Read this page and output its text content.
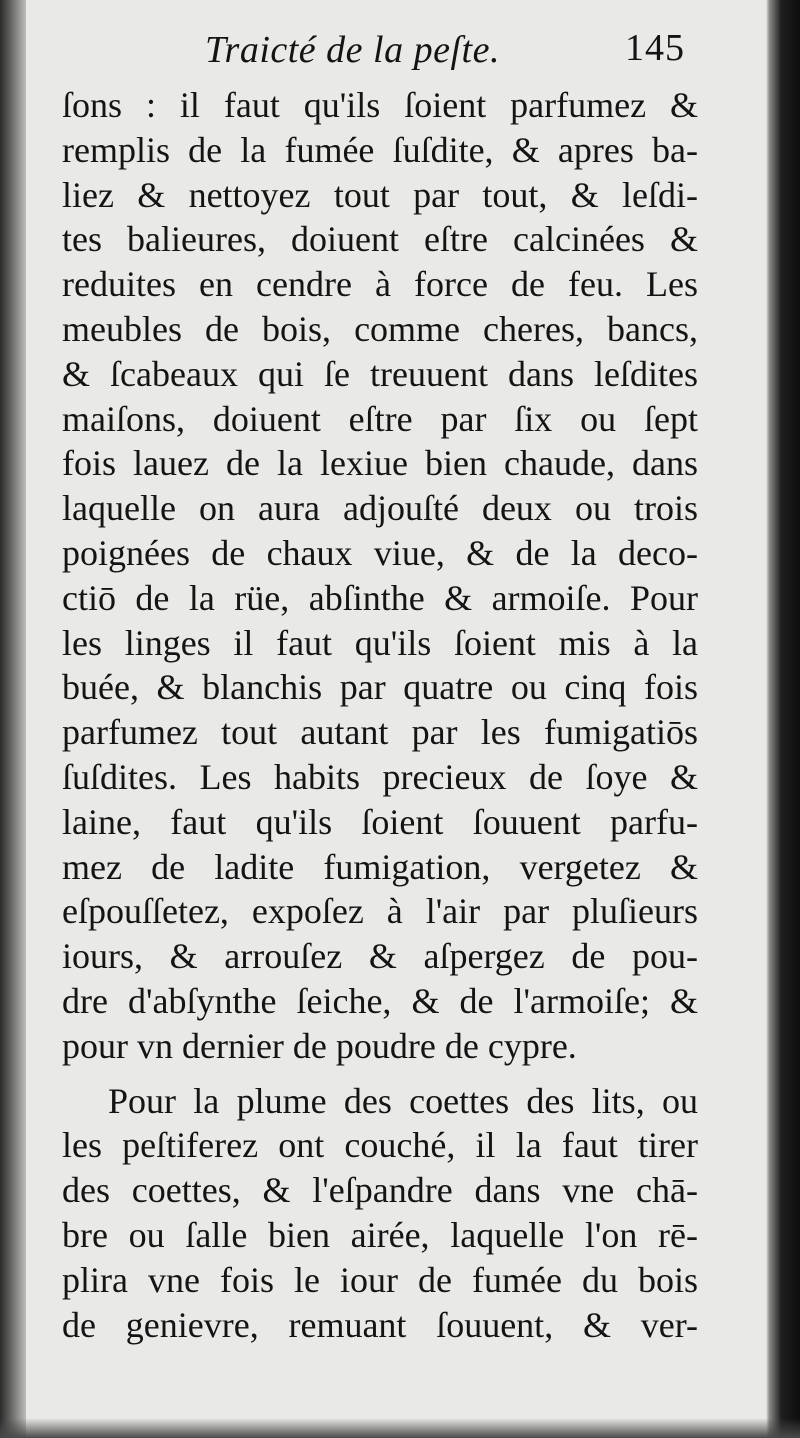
Traicté de la peſte.	145
ſons : il faut qu'ils ſoient parfumez &
remplis de la fumée ſuſdite, & apres ba-
liez & nettoyez tout par tout, & leſdi-
tes balieures, doiuent eſtre calcinées &
reduites en cendre à force de feu. Les
meubles de bois, comme cheres, bancs,
& ſcabeaux qui ſe treuuent dans leſdites
maiſons, doiuent eſtre par ſix ou ſept
fois lauez de la lexiue bien chaude, dans
laquelle on aura adjouſté deux ou trois
poignées de chaux viue, & de la deco-
ctiō de la rüe, abſinthe & armoiſe. Pour
les linges il faut qu'ils ſoient mis à la
buée, & blanchis par quatre ou cinq fois
parfumez tout autant par les fumigatiōs
ſuſdites. Les habits precieux de ſoye &
laine, faut qu'ils ſoient ſouuent parfu-
mez de ladite fumigation, vergetez &
eſpouſſetez, expoſez à l'air par pluſieurs
iours, & arrouſez & aſpergez de pou-
dre d'abſynthe ſeiche, & de l'armoiſe; &
pour vn dernier de poudre de cypre.
Pour la plume des coettes des lits, ou
les peſtiferez ont couché, il la faut tirer
des coettes, & l'eſpandre dans vne chā-
bre ou ſalle bien airée, laquelle l'on rē-
plira vne fois le iour de fumée du bois
de genievre, remuant ſouuent, & ver-
